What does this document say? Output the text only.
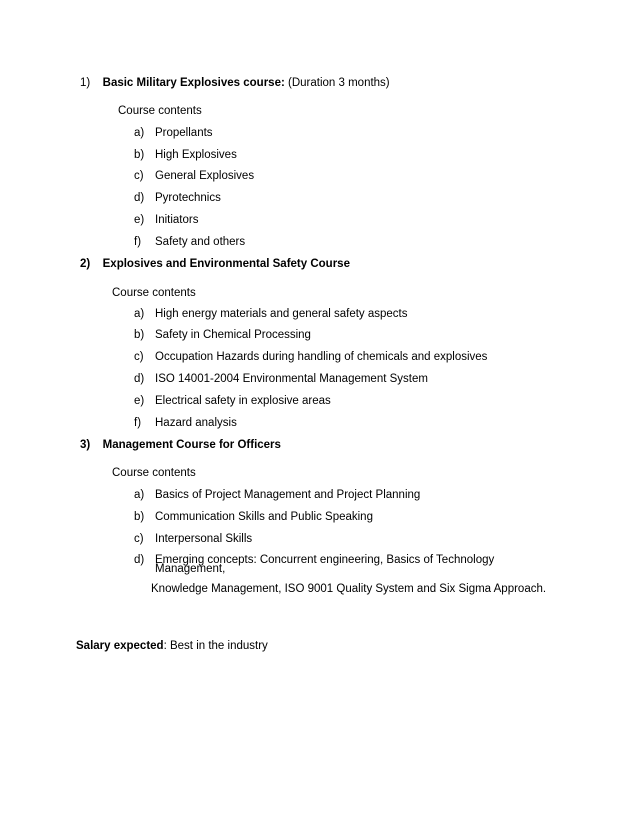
1) Basic Military Explosives course: (Duration 3 months)
Course contents
a) Propellants
b) High Explosives
c) General Explosives
d) Pyrotechnics
e) Initiators
f) Safety and others
2) Explosives and Environmental Safety Course
Course contents
a) High energy materials and general safety aspects
b) Safety in Chemical Processing
c) Occupation Hazards during handling of chemicals and explosives
d) ISO 14001-2004 Environmental Management System
e) Electrical safety in explosive areas
f) Hazard analysis
3) Management Course for Officers
Course contents
a) Basics of Project Management and Project Planning
b) Communication Skills and Public Speaking
c) Interpersonal Skills
d) Emerging concepts: Concurrent engineering, Basics of Technology
Management,
Knowledge Management, ISO 9001 Quality System and Six Sigma Approach.
Salary expected: Best in the industry
